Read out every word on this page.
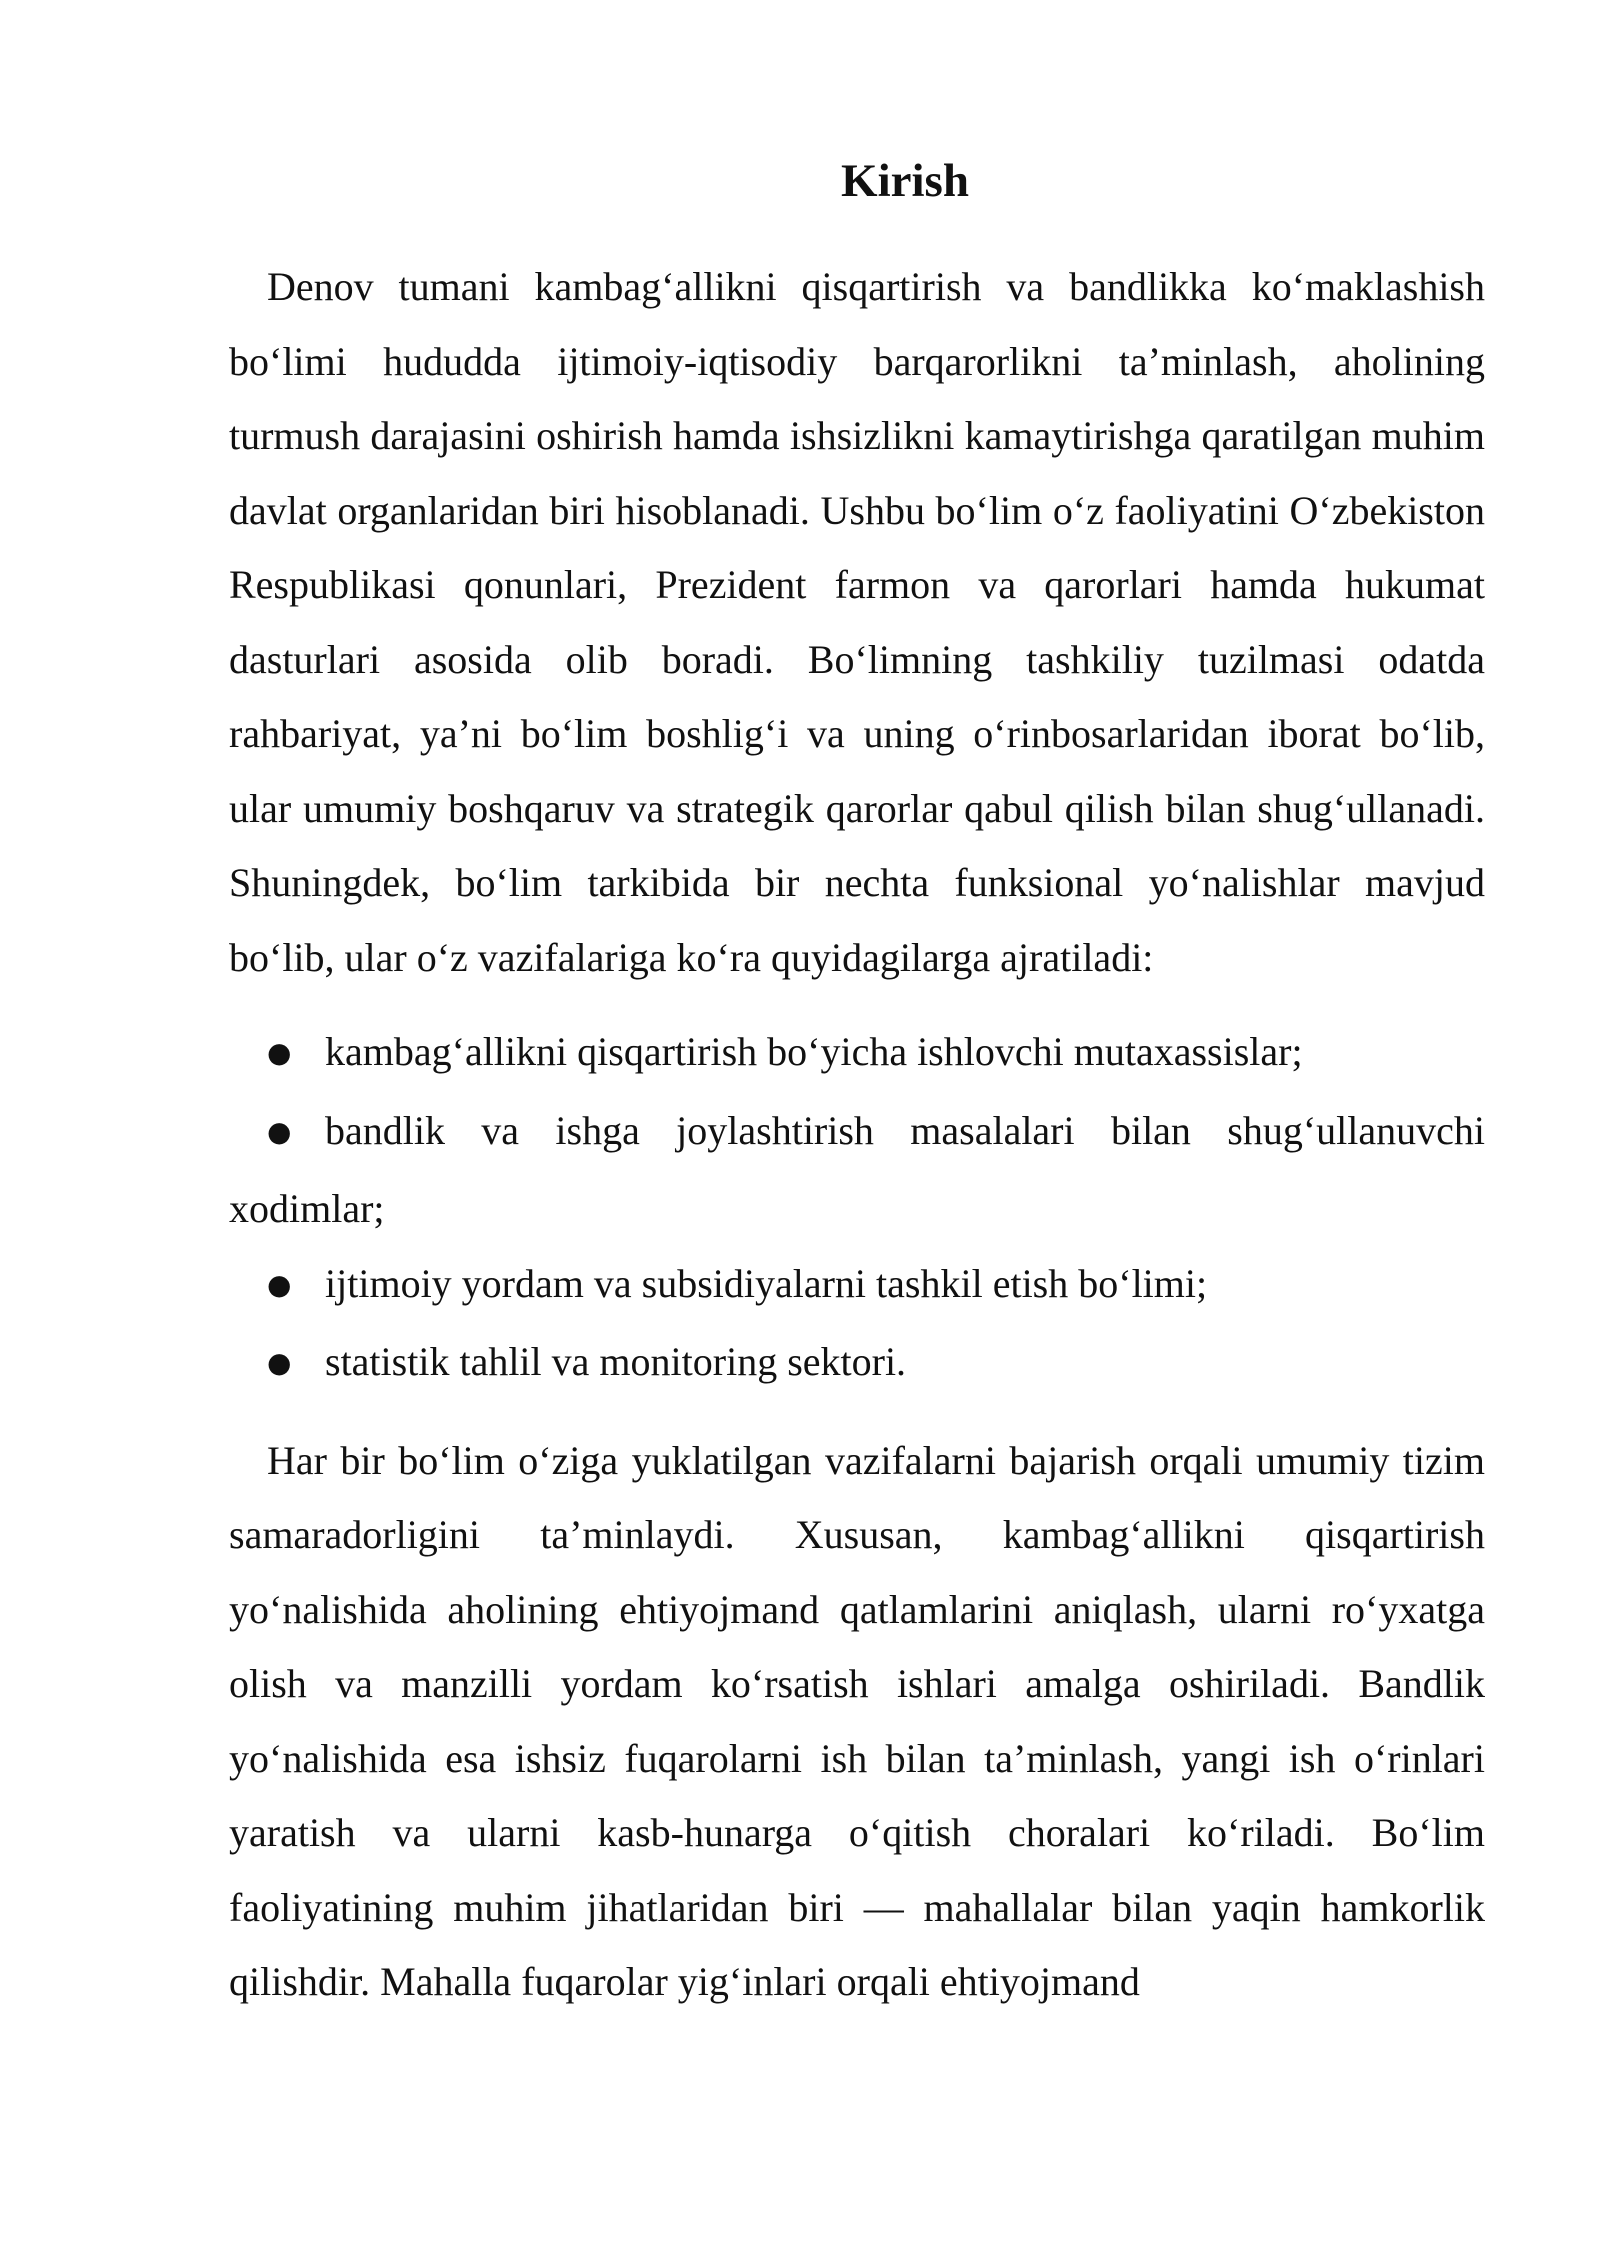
Kirish

Denov tumani kambag‘allikni qisqartirish va bandlikka ko‘maklashish bo‘limi hududda ijtimoiy-iqtisodiy barqarorlikni ta’minlash, aholining turmush darajasini oshirish hamda ishsizlikni kamaytirishga qaratilgan muhim davlat organlaridan biri hisoblanadi. Ushbu bo‘lim o‘z faoliyatini O‘zbekiston Respublikasi qonunlari, Prezident farmon va qarorlari hamda hukumat dasturlari asosida olib boradi. Bo‘limning tashkiliy tuzilmasi odatda rahbariyat, ya’ni bo‘lim boshlig‘i va uning o‘rinbosarlaridan iborat bo‘lib, ular umumiy boshqaruv va strategik qarorlar qabul qilish bilan shug‘ullanadi. Shuningdek, bo‘lim tarkibida bir nechta funksional yo‘nalishlar mavjud bo‘lib, ular o‘z vazifalariga ko‘ra quyidagilarga ajratiladi:

● kambag‘allikni qisqartirish bo‘yicha ishlovchi mutaxassislar;
● bandlik va ishga joylashtirish masalalari bilan shug‘ullanuvchi xodimlar;
● ijtimoiy yordam va subsidiyalarni tashkil etish bo‘limi;
● statistik tahlil va monitoring sektori.

Har bir bo‘lim o‘ziga yuklatilgan vazifalarni bajarish orqali umumiy tizim samaradorligini ta’minlaydi. Xususan, kambag‘allikni qisqartirish yo‘nalishida aholining ehtiyojmand qatlamlarini aniqlash, ularni ro‘yxatga olish va manzilli yordam ko‘rsatish ishlari amalga oshiriladi. Bandlik yo‘nalishida esa ishsiz fuqarolarni ish bilan ta’minlash, yangi ish o‘rinlari yaratish va ularni kasb-hunarga o‘qitish choralari ko‘riladi. Bo‘lim faoliyatining muhim jihatlaridan biri — mahallalar bilan yaqin hamkorlik qilishdir. Mahalla fuqarolar yig‘inlari orqali ehtiyojmand
